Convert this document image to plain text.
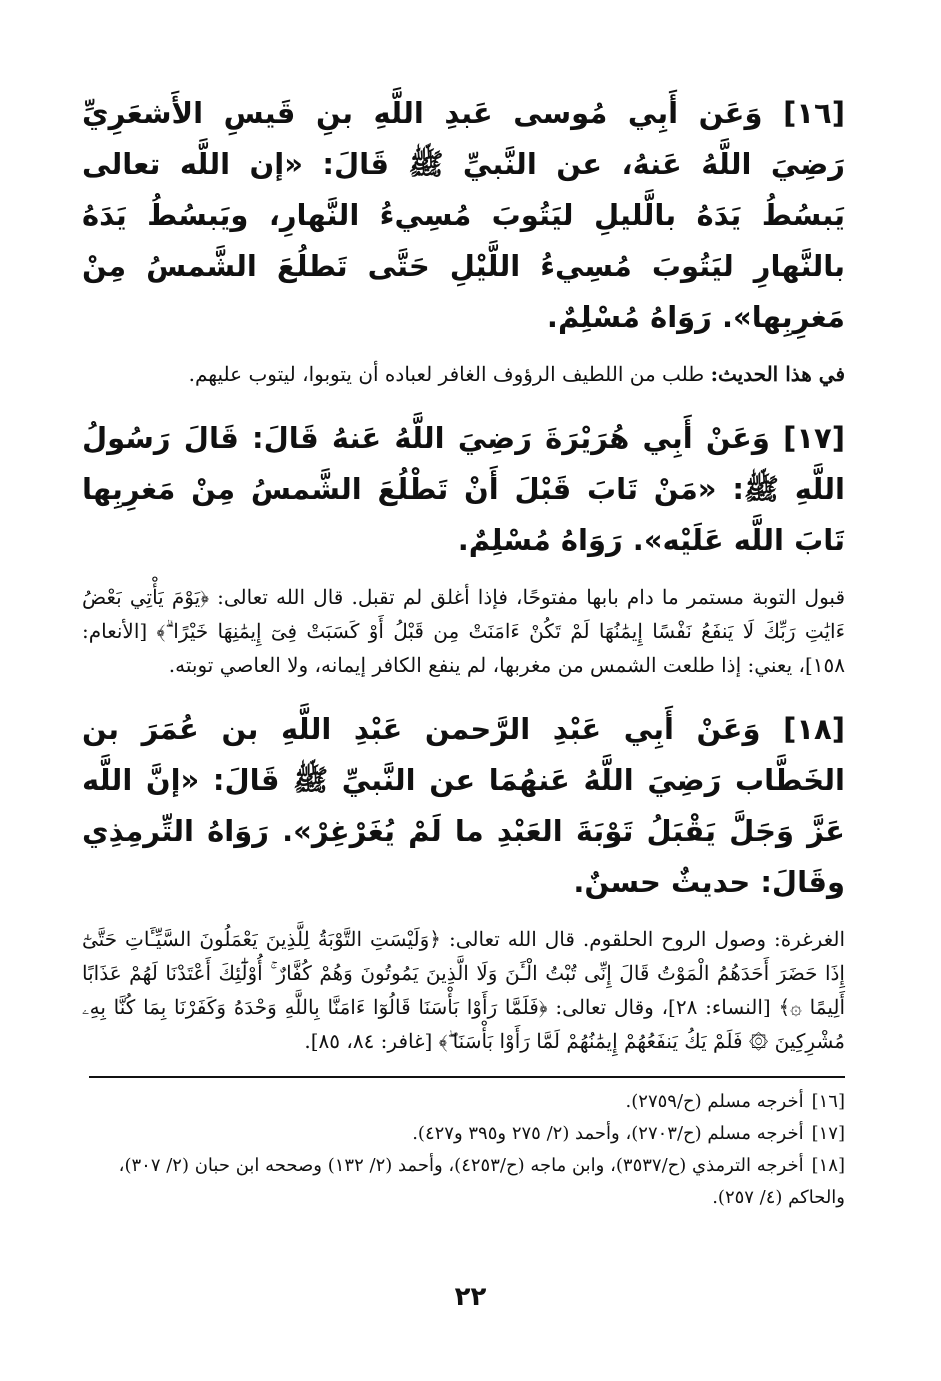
[١٦] وَعَن أَبِي مُوسى عَبدِ اللَّهِ بنِ قَيسِ الأَشعَرِيِّ رَضِيَ اللَّهُ عَنهُ، عن النَّبيِّ ﷺ قَالَ: «إن اللَّه تعالى يَبسُطُ يَدَهُ بالَّليلِ ليَتُوبَ مُسِيءُ النَّهارِ، ويَبسُطُ يَدَهُ بالنَّهارِ ليَتُوبَ مُسِيءُ اللَّيْلِ حَتَّى تَطلُعَ الشَّمسُ مِنْ مَغرِبِها». رَوَاهُ مُسْلِمٌ.

في هذا الحديث: طلب من اللطيف الرؤوف الغافر لعباده أن يتوبوا، ليتوب عليهم.

[١٧] وَعَنْ أَبِي هُرَيْرَةَ رَضِيَ اللَّهُ عَنهُ قَالَ: قَالَ رَسُولُ اللَّهِ ﷺ: «مَنْ تَابَ قَبْلَ أَنْ تَطْلُعَ الشَّمسُ مِنْ مَغرِبِها تَابَ اللَّه عَلَيْه». رَوَاهُ مُسْلِمٌ.

قبول التوبة مستمر ما دام بابها مفتوحًا، فإذا أغلق لم تقبل. قال الله تعالى: ﴿يَوْمَ يَأْتِي بَعْضُ ءَايَٰتِ رَبِّكَ لَا يَنفَعُ نَفْسًا إِيمَٰنُهَا لَمْ تَكُنْ ءَامَنَتْ مِن قَبْلُ أَوْ كَسَبَتْ فِىٓ إِيمَٰنِهَا خَيْرًا ۗ﴾ [الأنعام: ١٥٨]، يعني: إذا طلعت الشمس من مغربها، لم ينفع الكافر إيمانه، ولا العاصي توبته.

[١٨] وَعَنْ أَبِي عَبْدِ الرَّحمن عَبْدِ اللَّهِ بن عُمَرَ بن الخَطَّاب رَضِيَ اللَّهُ عَنهُمَا عن النَّبيِّ ﷺ قَالَ: «إنَّ اللَّه عَزَّ وَجَلَّ يَقْبَلُ تَوْبَةَ العَبْدِ ما لَمْ يُغَرْغِرْ». رَوَاهُ التِّرمِذِي وقَالَ: حديثٌ حسنٌ.

الغرغرة: وصول الروح الحلقوم. قال الله تعالى: ﴿وَلَيْسَتِ التَّوْبَةُ لِلَّذِينَ يَعْمَلُونَ السَّيِّـَٔاتِ حَتَّىٰٓ إِذَا حَضَرَ أَحَدَهُمُ الْمَوْتُ قَالَ إِنِّى تُبْتُ الْـَٔنَ وَلَا الَّذِينَ يَمُوتُونَ وَهُمْ كُفَّارٌ ۚ أُوْلَٰٓئِكَ أَعْتَدْنَا لَهُمْ عَذَابًا أَلِيمًا ۞﴾ [النساء: ٢٨]، وقال تعالى: ﴿فَلَمَّا رَأَوْا بَأْسَنَا قَالُوٓا ءَامَنَّا بِاللَّهِ وَحْدَهُ وَكَفَرْنَا بِمَا كُنَّا بِهِۦ مُشْرِكِينَ ۞ فَلَمْ يَكُ يَنفَعُهُمْ إِيمَٰنُهُمْ لَمَّا رَأَوْا بَأْسَنَا ۖ﴾ [غافر: ٨٤، ٨٥].

[١٦]أخرجه مسلم (ح/٢٧٥٩).
[١٧]أخرجه مسلم (ح/٢٧٠٣)، وأحمد (٢/ ٢٧٥ و٣٩٥ و٤٢٧).
[١٨]أخرجه الترمذي (ح/٣٥٣٧)، وابن ماجه (ح/٤٢٥٣)، وأحمد (٢/ ١٣٢) وصححه ابن حبان (٢/ ٣٠٧)، والحاكم (٤/ ٢٥٧).
٢٢
